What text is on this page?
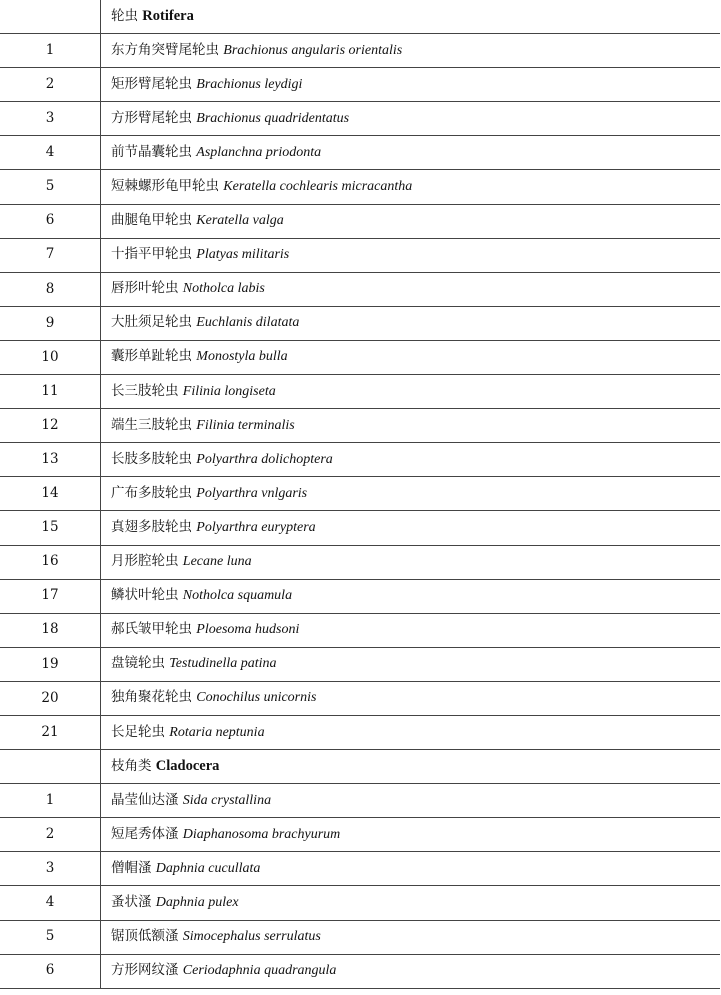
	轮虫 Rotifera
1	东方角突臂尾轮虫 Brachionus angularis orientalis
2	矩形臂尾轮虫 Brachionus leydigi
3	方形臂尾轮虫 Brachionus quadridentatus
4	前节晶囊轮虫 Asplanchna priodonta
5	短棘螺形龟甲轮虫 Keratella cochlearis micracantha
6	曲腿龟甲轮虫 Keratella valga
7	十指平甲轮虫 Platyas militaris
8	唇形叶轮虫 Notholca labis
9	大肚须足轮虫 Euchlanis dilatata
10	囊形单趾轮虫 Monostyla bulla
11	长三肢轮虫 Filinia longiseta
12	端生三肢轮虫 Filinia terminalis
13	长肢多肢轮虫 Polyarthra dolichoptera
14	广布多肢轮虫 Polyarthra vnlgaris
15	真翅多肢轮虫 Polyarthra euryptera
16	月形腔轮虫 Lecane luna
17	鳞状叶轮虫 Notholca squamula
18	郝氏皱甲轮虫 Ploesoma hudsoni
19	盘镜轮虫 Testudinella patina
20	独角聚花轮虫 Conochilus unicornis
21	长足轮虫 Rotaria neptunia
	枝角类 Cladocera
1	晶莹仙达溞 Sida crystallina
2	短尾秀体溞 Diaphanosoma brachyurum
3	僧帽溞 Daphnia cucullata
4	蚤状溞 Daphnia pulex
5	锯顶低额溞 Simocephalus serrulatus
6	方形网纹溞 Ceriodaphnia quadrangula
